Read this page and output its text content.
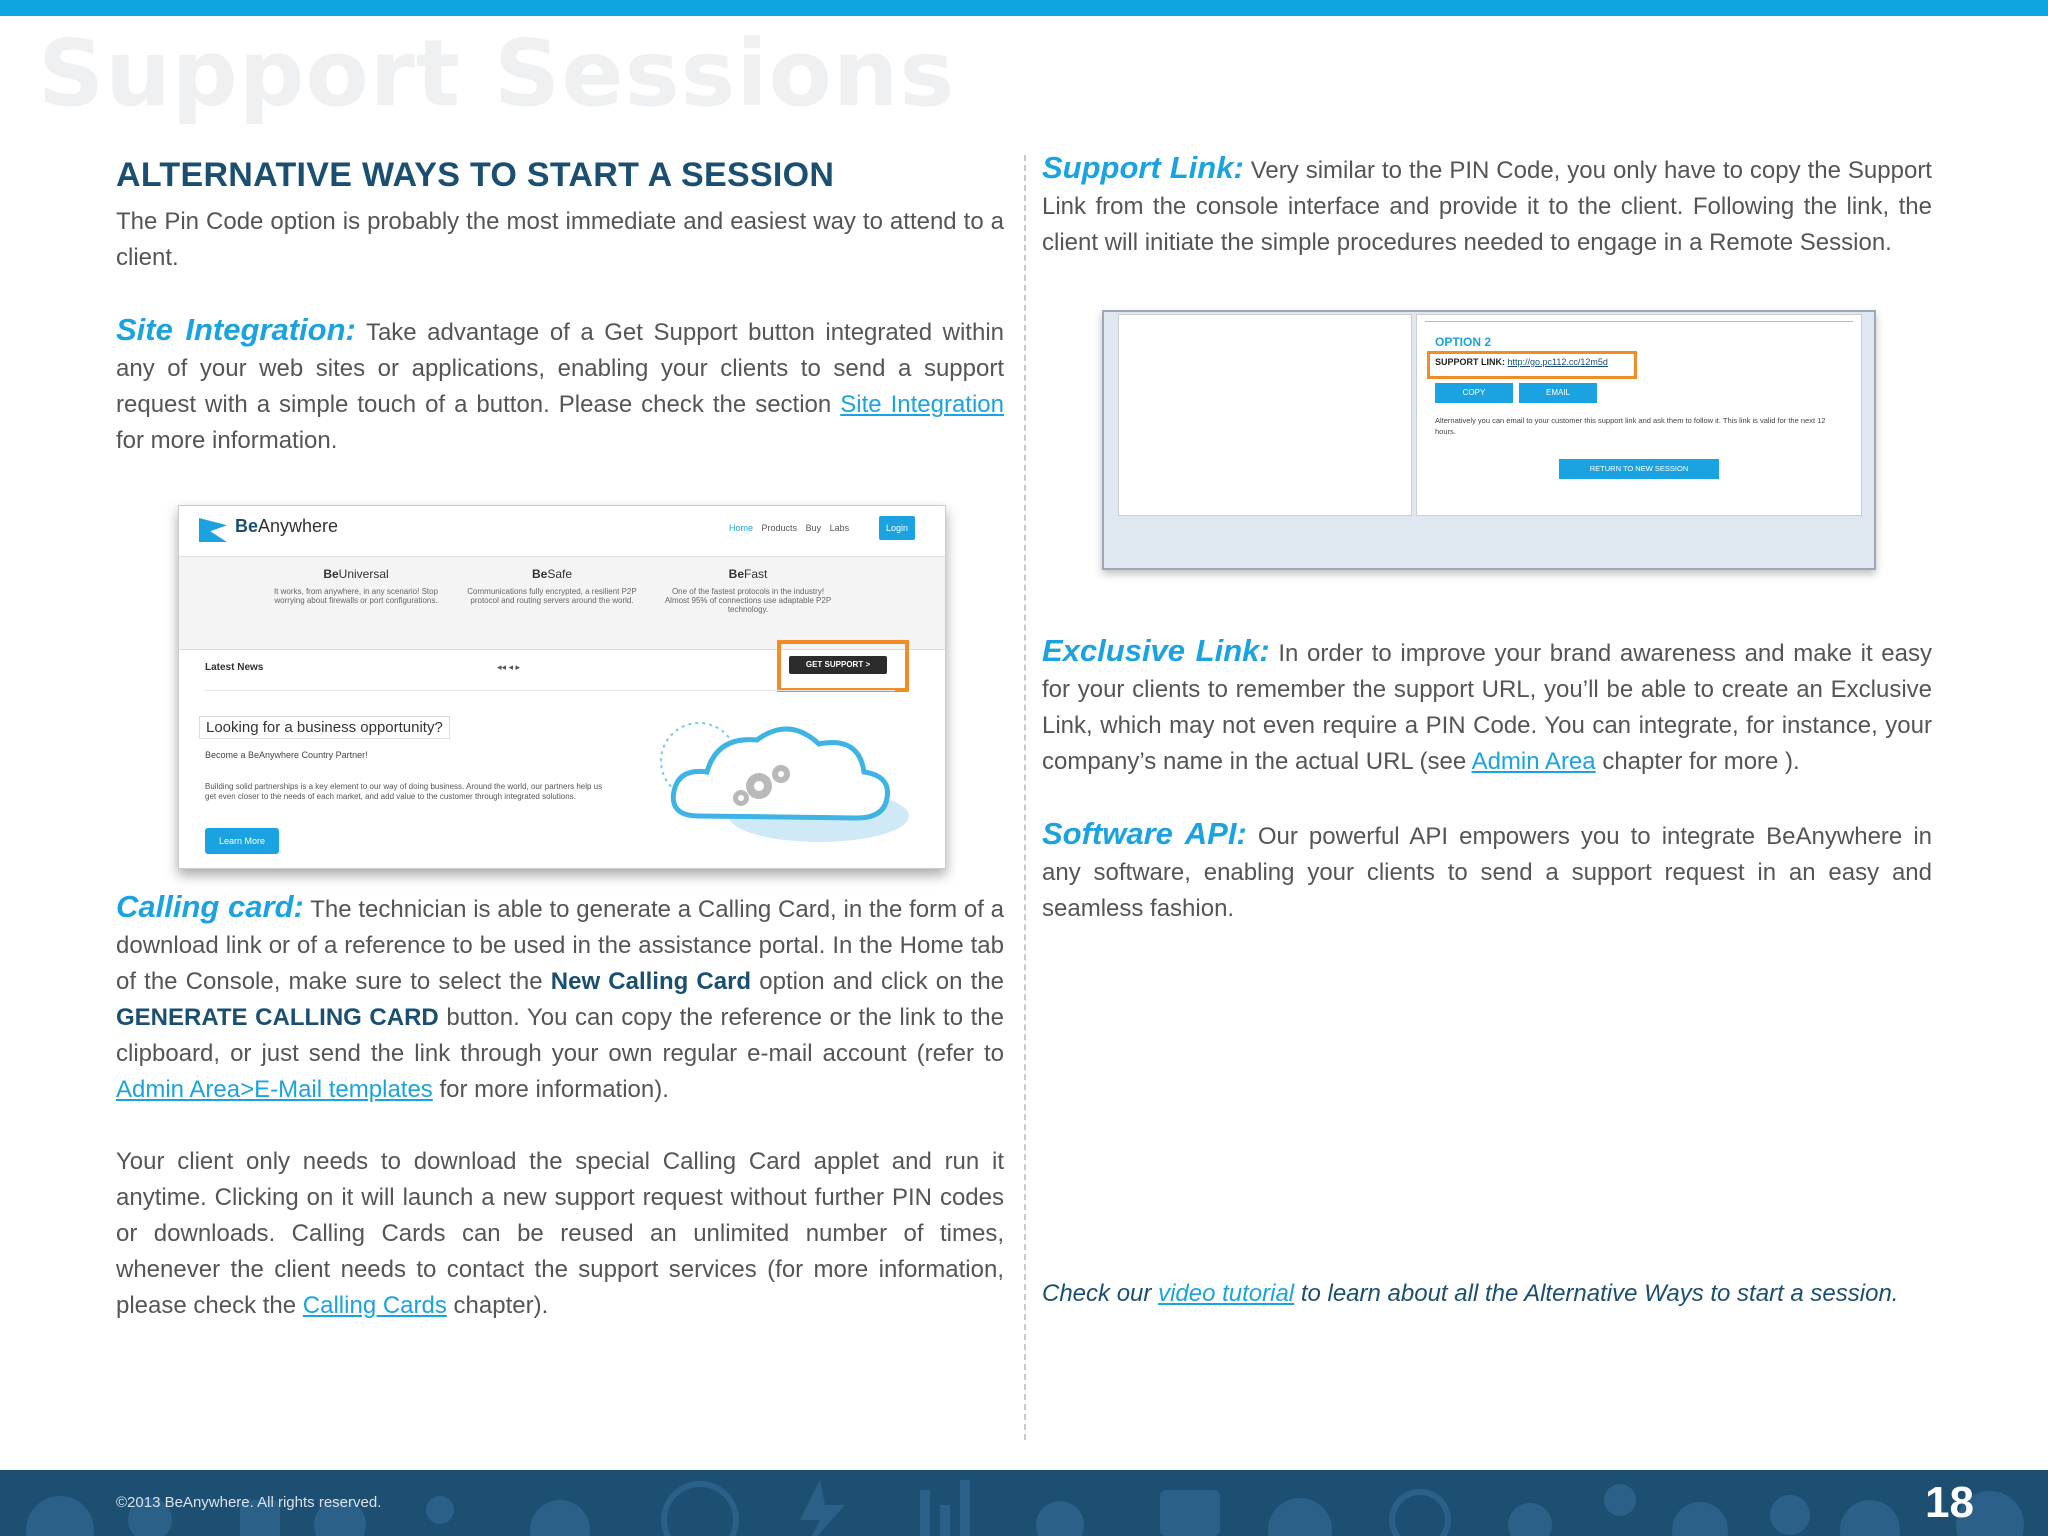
Support Sessions
ALTERNATIVE WAYS TO START A SESSION

The Pin Code option is probably the most immediate and easiest way to attend to a client.

Site Integration: Take advantage of a Get Support button integrated within any of your web sites or applications, enabling your clients to send a support request with a simple touch of a button. Please check the section Site Integration for more information.

Calling card: The technician is able to generate a Calling Card, in the form of a download link or of a reference to be used in the assistance portal. In the Home tab of the Console, make sure to select the New Calling Card option and click on the GENERATE CALLING CARD button. You can copy the reference or the link to the clipboard, or just send the link through your own regular e-mail account (refer to Admin Area>E-Mail templates for more information).

Your client only needs to download the special Calling Card applet and run it anytime. Clicking on it will launch a new support request without further PIN codes or downloads. Calling Cards can be reused an unlimited number of times, whenever the client needs to contact the support services (for more information, please check the Calling Cards chapter).

BeAnywhere	Home Products Buy Labs	Login
BeUniversal
It works, from anywhere, in any scenario! Stop worrying about firewalls or port configurations.
BeSafe
Communications fully encrypted, a resilient P2P protocol and routing servers around the world.
BeFast
One of the fastest protocols in the industry! Almost 95% of connections use adaptable P2P technology.
Latest News	◂◂ ◂ ▸	GET SUPPORT >
Looking for a business opportunity?
Become a BeAnywhere Country Partner!
Building solid partnerships is a key element to our way of doing business. Around the world, our partners help us get even closer to the needs of each market, and add value to the customer through integrated solutions.
Learn More

Support Link: Very similar to the PIN Code, you only have to copy the Support Link from the console interface and provide it to the client. Following the link, the client will initiate the simple procedures needed to engage in a Remote Session.

Exclusive Link: In order to improve your brand awareness and make it easy for your clients to remember the support URL, you’ll be able to create an Exclusive Link, which may not even require a PIN Code. You can integrate, for instance, your company’s name in the actual URL (see Admin Area chapter for more ).

Software API: Our powerful API empowers you to integrate BeAnywhere in any software, enabling your clients to send a support request in an easy and seamless fashion.

OPTION 2
SUPPORT LINK: http://go.pc112.cc/12m5d
COPY	EMAIL
Alternatively you can email to your customer this support link and ask them to follow it. This link is valid for the next 12 hours.
RETURN TO NEW SESSION
Check our video tutorial to learn about all the Alternative Ways to start a session.
©2013 BeAnywhere. All rights reserved.	18
